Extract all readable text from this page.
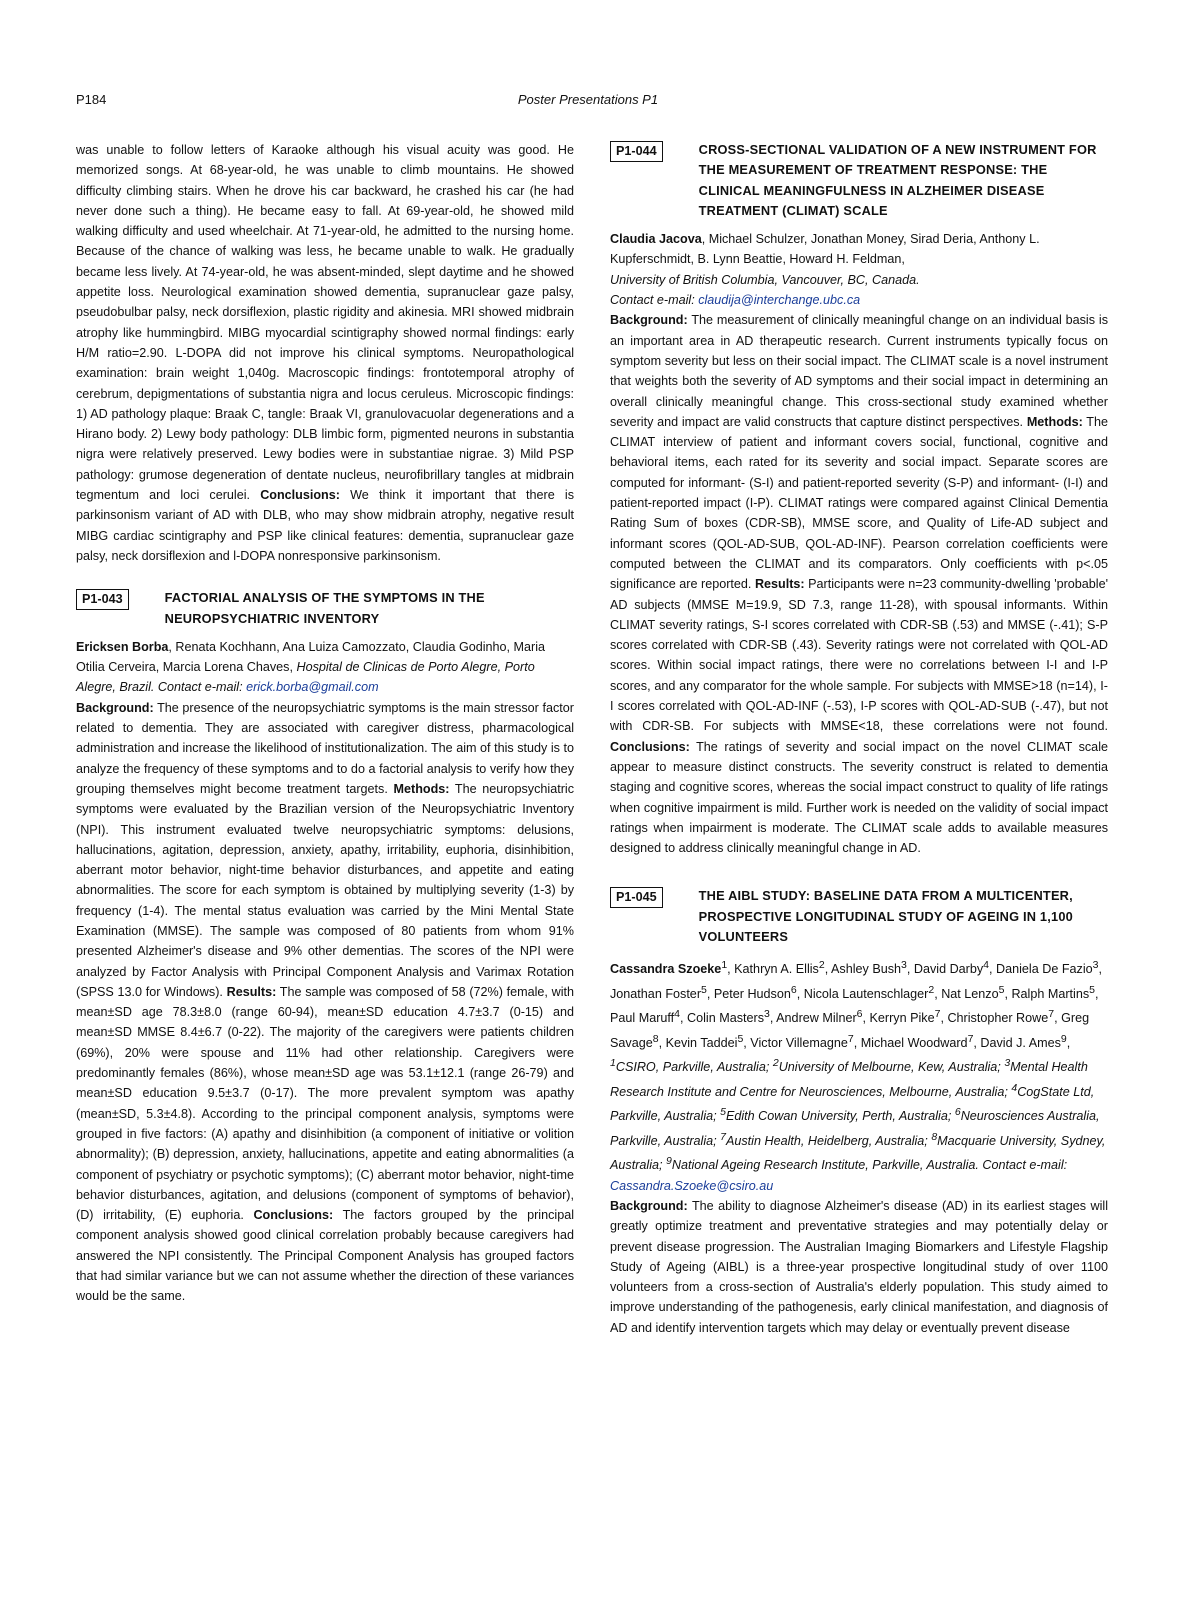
P184	Poster Presentations P1

was unable to follow letters of Karaoke although his visual acuity was good. He memorized songs. At 68-year-old, he was unable to climb mountains. He showed difficulty climbing stairs. When he drove his car backward, he crashed his car (he had never done such a thing). He became easy to fall. At 69-year-old, he showed mild walking difficulty and used wheelchair. At 71-year-old, he admitted to the nursing home. Because of the chance of walking was less, he became unable to walk. He gradually became less lively. At 74-year-old, he was absent-minded, slept daytime and he showed appetite loss. Neurological examination showed dementia, supranuclear gaze palsy, pseudobulbar palsy, neck dorsiflexion, plastic rigidity and akinesia. MRI showed midbrain atrophy like hummingbird. MIBG myocardial scintigraphy showed normal findings: early H/M ratio=2.90. L-DOPA did not improve his clinical symptoms. Neuropathological examination: brain weight 1,040g. Macroscopic findings: frontotemporal atrophy of cerebrum, depigmentations of substantia nigra and locus ceruleus. Microscopic findings: 1) AD pathology plaque: Braak C, tangle: Braak VI, granulovacuolar degenerations and a Hirano body. 2) Lewy body pathology: DLB limbic form, pigmented neurons in substantia nigra were relatively preserved. Lewy bodies were in substantiae nigrae. 3) Mild PSP pathology: grumose degeneration of dentate nucleus, neurofibrillary tangles at midbrain tegmentum and loci cerulei. Conclusions: We think it important that there is parkinsonism variant of AD with DLB, who may show midbrain atrophy, negative result MIBG cardiac scintigraphy and PSP like clinical features: dementia, supranuclear gaze palsy, neck dorsiflexion and l-DOPA nonresponsive parkinsonism.

P1-043	FACTORIAL ANALYSIS OF THE SYMPTOMS IN THE NEUROPSYCHIATRIC INVENTORY

Ericksen Borba, Renata Kochhann, Ana Luiza Camozzato, Claudia Godinho, Maria Otilia Cerveira, Marcia Lorena Chaves, Hospital de Clinicas de Porto Alegre, Porto Alegre, Brazil. Contact e-mail: erick.borba@gmail.com

Background: The presence of the neuropsychiatric symptoms is the main stressor factor related to dementia. They are associated with caregiver distress, pharmacological administration and increase the likelihood of institutionalization. The aim of this study is to analyze the frequency of these symptoms and to do a factorial analysis to verify how they grouping themselves might become treatment targets. Methods: The neuropsychiatric symptoms were evaluated by the Brazilian version of the Neuropsychiatric Inventory (NPI). This instrument evaluated twelve neuropsychiatric symptoms: delusions, hallucinations, agitation, depression, anxiety, apathy, irritability, euphoria, disinhibition, aberrant motor behavior, night-time behavior disturbances, and appetite and eating abnormalities. The score for each symptom is obtained by multiplying severity (1-3) by frequency (1-4). The mental status evaluation was carried by the Mini Mental State Examination (MMSE). The sample was composed of 80 patients from whom 91% presented Alzheimer's disease and 9% other dementias. The scores of the NPI were analyzed by Factor Analysis with Principal Component Analysis and Varimax Rotation (SPSS 13.0 for Windows). Results: The sample was composed of 58 (72%) female, with mean±SD age 78.3±8.0 (range 60-94), mean±SD education 4.7±3.7 (0-15) and mean±SD MMSE 8.4±6.7 (0-22). The majority of the caregivers were patients children (69%), 20% were spouse and 11% had other relationship. Caregivers were predominantly females (86%), whose mean±SD age was 53.1±12.1 (range 26-79) and mean±SD education 9.5±3.7 (0-17). The more prevalent symptom was apathy (mean±SD, 5.3±4.8). According to the principal component analysis, symptoms were grouped in five factors: (A) apathy and disinhibition (a component of initiative or volition abnormality); (B) depression, anxiety, hallucinations, appetite and eating abnormalities (a component of psychiatry or psychotic symptoms); (C) aberrant motor behavior, night-time behavior disturbances, agitation, and delusions (component of symptoms of behavior), (D) irritability, (E) euphoria. Conclusions: The factors grouped by the principal component analysis showed good clinical correlation probably because caregivers had answered the NPI consistently. The Principal Component Analysis has grouped factors that had similar variance but we can not assume whether the direction of these variances would be the same.

P1-044	CROSS-SECTIONAL VALIDATION OF A NEW INSTRUMENT FOR THE MEASUREMENT OF TREATMENT RESPONSE: THE CLINICAL MEANINGFULNESS IN ALZHEIMER DISEASE TREATMENT (CLIMAT) SCALE

Claudia Jacova, Michael Schulzer, Jonathan Money, Sirad Deria, Anthony L. Kupferschmidt, B. Lynn Beattie, Howard H. Feldman,
University of British Columbia, Vancouver, BC, Canada.
Contact e-mail: claudija@interchange.ubc.ca

Background: The measurement of clinically meaningful change on an individual basis is an important area in AD therapeutic research. Current instruments typically focus on symptom severity but less on their social impact. The CLIMAT scale is a novel instrument that weights both the severity of AD symptoms and their social impact in determining an overall clinically meaningful change. This cross-sectional study examined whether severity and impact are valid constructs that capture distinct perspectives. Methods: The CLIMAT interview of patient and informant covers social, functional, cognitive and behavioral items, each rated for its severity and social impact. Separate scores are computed for informant- (S-I) and patient-reported severity (S-P) and informant- (I-I) and patient-reported impact (I-P). CLIMAT ratings were compared against Clinical Dementia Rating Sum of boxes (CDR-SB), MMSE score, and Quality of Life-AD subject and informant scores (QOL-AD-SUB, QOL-AD-INF). Pearson correlation coefficients were computed between the CLIMAT and its comparators. Only coefficients with p<.05 significance are reported. Results: Participants were n=23 community-dwelling 'probable' AD subjects (MMSE M=19.9, SD 7.3, range 11-28), with spousal informants. Within CLIMAT severity ratings, S-I scores correlated with CDR-SB (.53) and MMSE (-.41); S-P scores correlated with CDR-SB (.43). Severity ratings were not correlated with QOL-AD scores. Within social impact ratings, there were no correlations between I-I and I-P scores, and any comparator for the whole sample. For subjects with MMSE>18 (n=14), I-I scores correlated with QOL-AD-INF (-.53), I-P scores with QOL-AD-SUB (-.47), but not with CDR-SB. For subjects with MMSE<18, these correlations were not found. Conclusions: The ratings of severity and social impact on the novel CLIMAT scale appear to measure distinct constructs. The severity construct is related to dementia staging and cognitive scores, whereas the social impact construct to quality of life ratings when cognitive impairment is mild. Further work is needed on the validity of social impact ratings when impairment is moderate. The CLIMAT scale adds to available measures designed to address clinically meaningful change in AD.

P1-045	THE AIBL STUDY: BASELINE DATA FROM A MULTICENTER, PROSPECTIVE LONGITUDINAL STUDY OF AGEING IN 1,100 VOLUNTEERS

Cassandra Szoeke$^1$, Kathryn A. Ellis$^2$, Ashley Bush$^3$, David Darby$^4$, Daniela De Fazio$^3$, Jonathan Foster$^5$, Peter Hudson$^6$, Nicola Lautenschlager$^2$, Nat Lenzo$^5$, Ralph Martins$^5$, Paul Maruff$^4$, Colin Masters$^3$, Andrew Milner$^6$, Kerryn Pike$^7$, Christopher Rowe$^7$, Greg Savage$^8$, Kevin Taddei$^5$, Victor Villemagne$^7$, Michael Woodward$^7$, David J. Ames$^9$, $^1$CSIRO, Parkville, Australia; $^2$University of Melbourne, Kew, Australia; $^3$Mental Health Research Institute and Centre for Neurosciences, Melbourne, Australia; $^4$CogState Ltd, Parkville, Australia; $^5$Edith Cowan University, Perth, Australia; $^6$Neurosciences Australia, Parkville, Australia; $^7$Austin Health, Heidelberg, Australia; $^8$Macquarie University, Sydney, Australia; $^9$National Ageing Research Institute, Parkville, Australia. Contact e-mail: Cassandra.Szoeke@csiro.au

Background: The ability to diagnose Alzheimer's disease (AD) in its earliest stages will greatly optimize treatment and preventative strategies and may potentially delay or prevent disease progression. The Australian Imaging Biomarkers and Lifestyle Flagship Study of Ageing (AIBL) is a three-year prospective longitudinal study of over 1100 volunteers from a cross-section of Australia's elderly population. This study aimed to improve understanding of the pathogenesis, early clinical manifestation, and diagnosis of AD and identify intervention targets which may delay or eventually prevent disease
